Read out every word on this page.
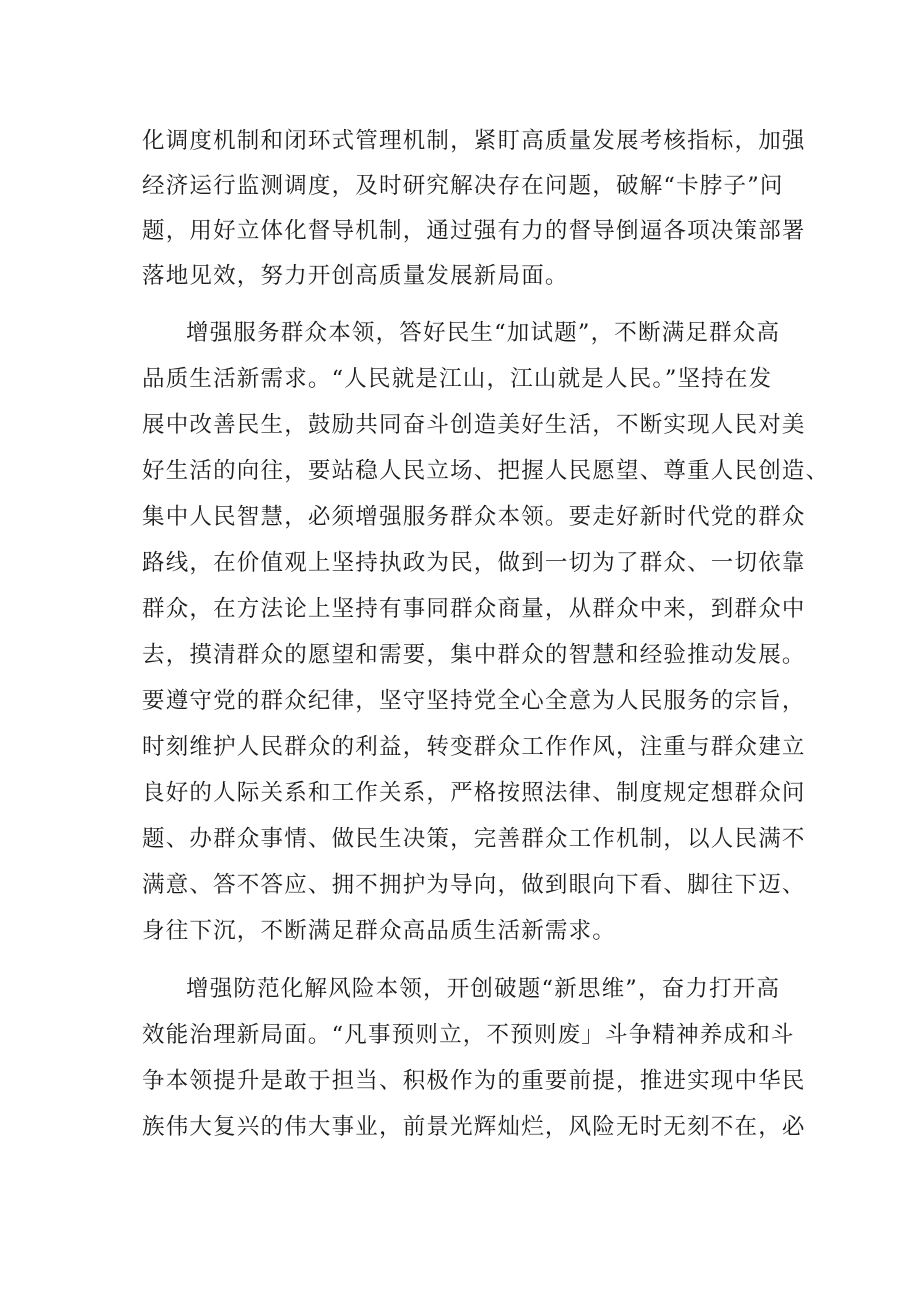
化调度机制和闭环式管理机制，紧盯高质量发展考核指标，加强

经济运行监测调度，及时研究解决存在问题，破解“卡脖子”问

题，用好立体化督导机制，通过强有力的督导倒逼各项决策部署

落地见效，努力开创高质量发展新局面。

增强服务群众本领，答好民生“加试题”，不断满足群众高

品质生活新需求。“人民就是江山，江山就是人民。”坚持在发

展中改善民生，鼓励共同奋斗创造美好生活，不断实现人民对美

好生活的向往，要站稳人民立场、把握人民愿望、尊重人民创造、

集中人民智慧，必须增强服务群众本领。要走好新时代党的群众

路线，在价值观上坚持执政为民，做到一切为了群众、一切依靠

群众，在方法论上坚持有事同群众商量，从群众中来，到群众中

去，摸清群众的愿望和需要，集中群众的智慧和经验推动发展。

要遵守党的群众纪律，坚守坚持党全心全意为人民服务的宗旨，

时刻维护人民群众的利益，转变群众工作作风，注重与群众建立

良好的人际关系和工作关系，严格按照法律、制度规定想群众问

题、办群众事情、做民生决策，完善群众工作机制，以人民满不

满意、答不答应、拥不拥护为导向，做到眼向下看、脚往下迈、

身往下沉，不断满足群众高品质生活新需求。

增强防范化解风险本领，开创破题“新思维”，奋力打开高

效能治理新局面。“凡事预则立，不预则废」斗争精神养成和斗

争本领提升是敢于担当、积极作为的重要前提，推进实现中华民

族伟大复兴的伟大事业，前景光辉灿烂，风险无时无刻不在，必
